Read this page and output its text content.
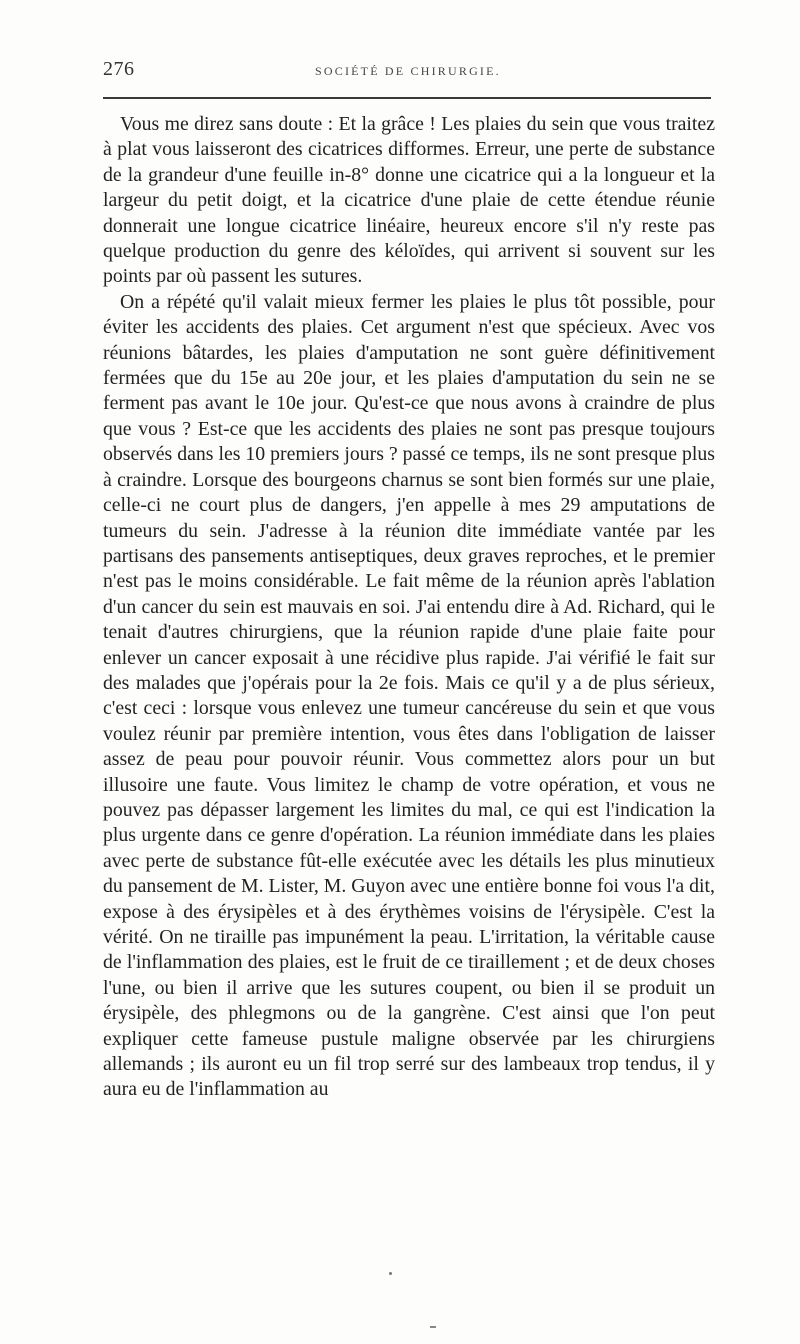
276	SOCIÉTÉ DE CHIRURGIE.

Vous me direz sans doute : Et la grâce ! Les plaies du sein que vous traitez à plat vous laisseront des cicatrices difformes. Erreur, une perte de substance de la grandeur d'une feuille in-8° donne une cicatrice qui a la longueur et la largeur du petit doigt, et la cicatrice d'une plaie de cette étendue réunie donnerait une longue cicatrice linéaire, heureux encore s'il n'y reste pas quelque production du genre des kéloïdes, qui arrivent si souvent sur les points par où passent les sutures.

On a répété qu'il valait mieux fermer les plaies le plus tôt possible, pour éviter les accidents des plaies. Cet argument n'est que spécieux. Avec vos réunions bâtardes, les plaies d'amputation ne sont guère définitivement fermées que du 15e au 20e jour, et les plaies d'amputation du sein ne se ferment pas avant le 10e jour. Qu'est-ce que nous avons à craindre de plus que vous ? Est-ce que les accidents des plaies ne sont pas presque toujours observés dans les 10 premiers jours ? passé ce temps, ils ne sont presque plus à craindre. Lorsque des bourgeons charnus se sont bien formés sur une plaie, celle-ci ne court plus de dangers, j'en appelle à mes 29 amputations de tumeurs du sein. J'adresse à la réunion dite immédiate vantée par les partisans des pansements antiseptiques, deux graves reproches, et le premier n'est pas le moins considérable. Le fait même de la réunion après l'ablation d'un cancer du sein est mauvais en soi. J'ai entendu dire à Ad. Richard, qui le tenait d'autres chirurgiens, que la réunion rapide d'une plaie faite pour enlever un cancer exposait à une récidive plus rapide. J'ai vérifié le fait sur des malades que j'opérais pour la 2e fois. Mais ce qu'il y a de plus sérieux, c'est ceci : lorsque vous enlevez une tumeur cancéreuse du sein et que vous voulez réunir par première intention, vous êtes dans l'obligation de laisser assez de peau pour pouvoir réunir. Vous commettez alors pour un but illusoire une faute. Vous limitez le champ de votre opération, et vous ne pouvez pas dépasser largement les limites du mal, ce qui est l'indication la plus urgente dans ce genre d'opération. La réunion immédiate dans les plaies avec perte de substance fût-elle exécutée avec les détails les plus minutieux du pansement de M. Lister, M. Guyon avec une entière bonne foi vous l'a dit, expose à des érysipèles et à des érythèmes voisins de l'érysipèle. C'est la vérité. On ne tiraille pas impunément la peau. L'irritation, la véritable cause de l'inflammation des plaies, est le fruit de ce tiraillement ; et de deux choses l'une, ou bien il arrive que les sutures coupent, ou bien il se produit un érysipèle, des phlegmons ou de la gangrène. C'est ainsi que l'on peut expliquer cette fameuse pustule maligne observée par les chirurgiens allemands ; ils auront eu un fil trop serré sur des lambeaux trop tendus, il y aura eu de l'inflammation au
